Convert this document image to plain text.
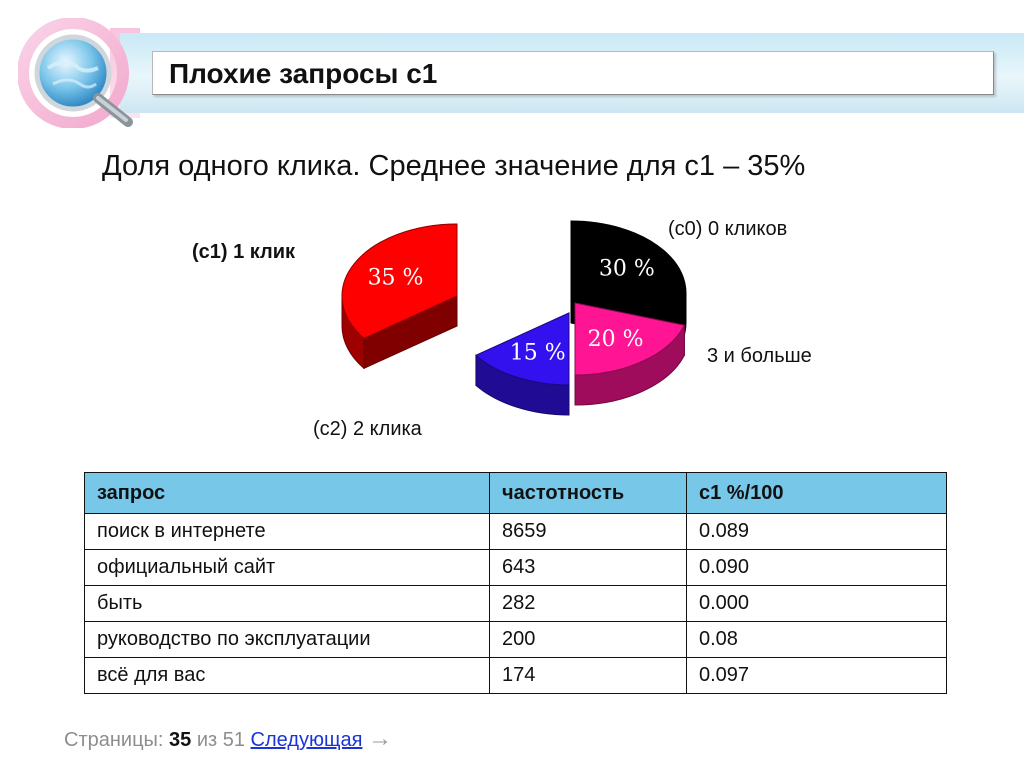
Плохие запросы c1
Доля одного клика. Среднее значение для с1 – 35%
30 %
20 %
15 %
35 %
(c0) 0 кликов
3 и больше
(c2) 2 клика
(c1) 1 клик
запрос	частотность	c1 %/100
поиск в интернете	8659	0.089
официальный сайт	643	0.090
быть	282	0.000
руководство по эксплуатации	200	0.08
всё для вас	174	0.097
Страницы: 35 из 51 Следующая →
